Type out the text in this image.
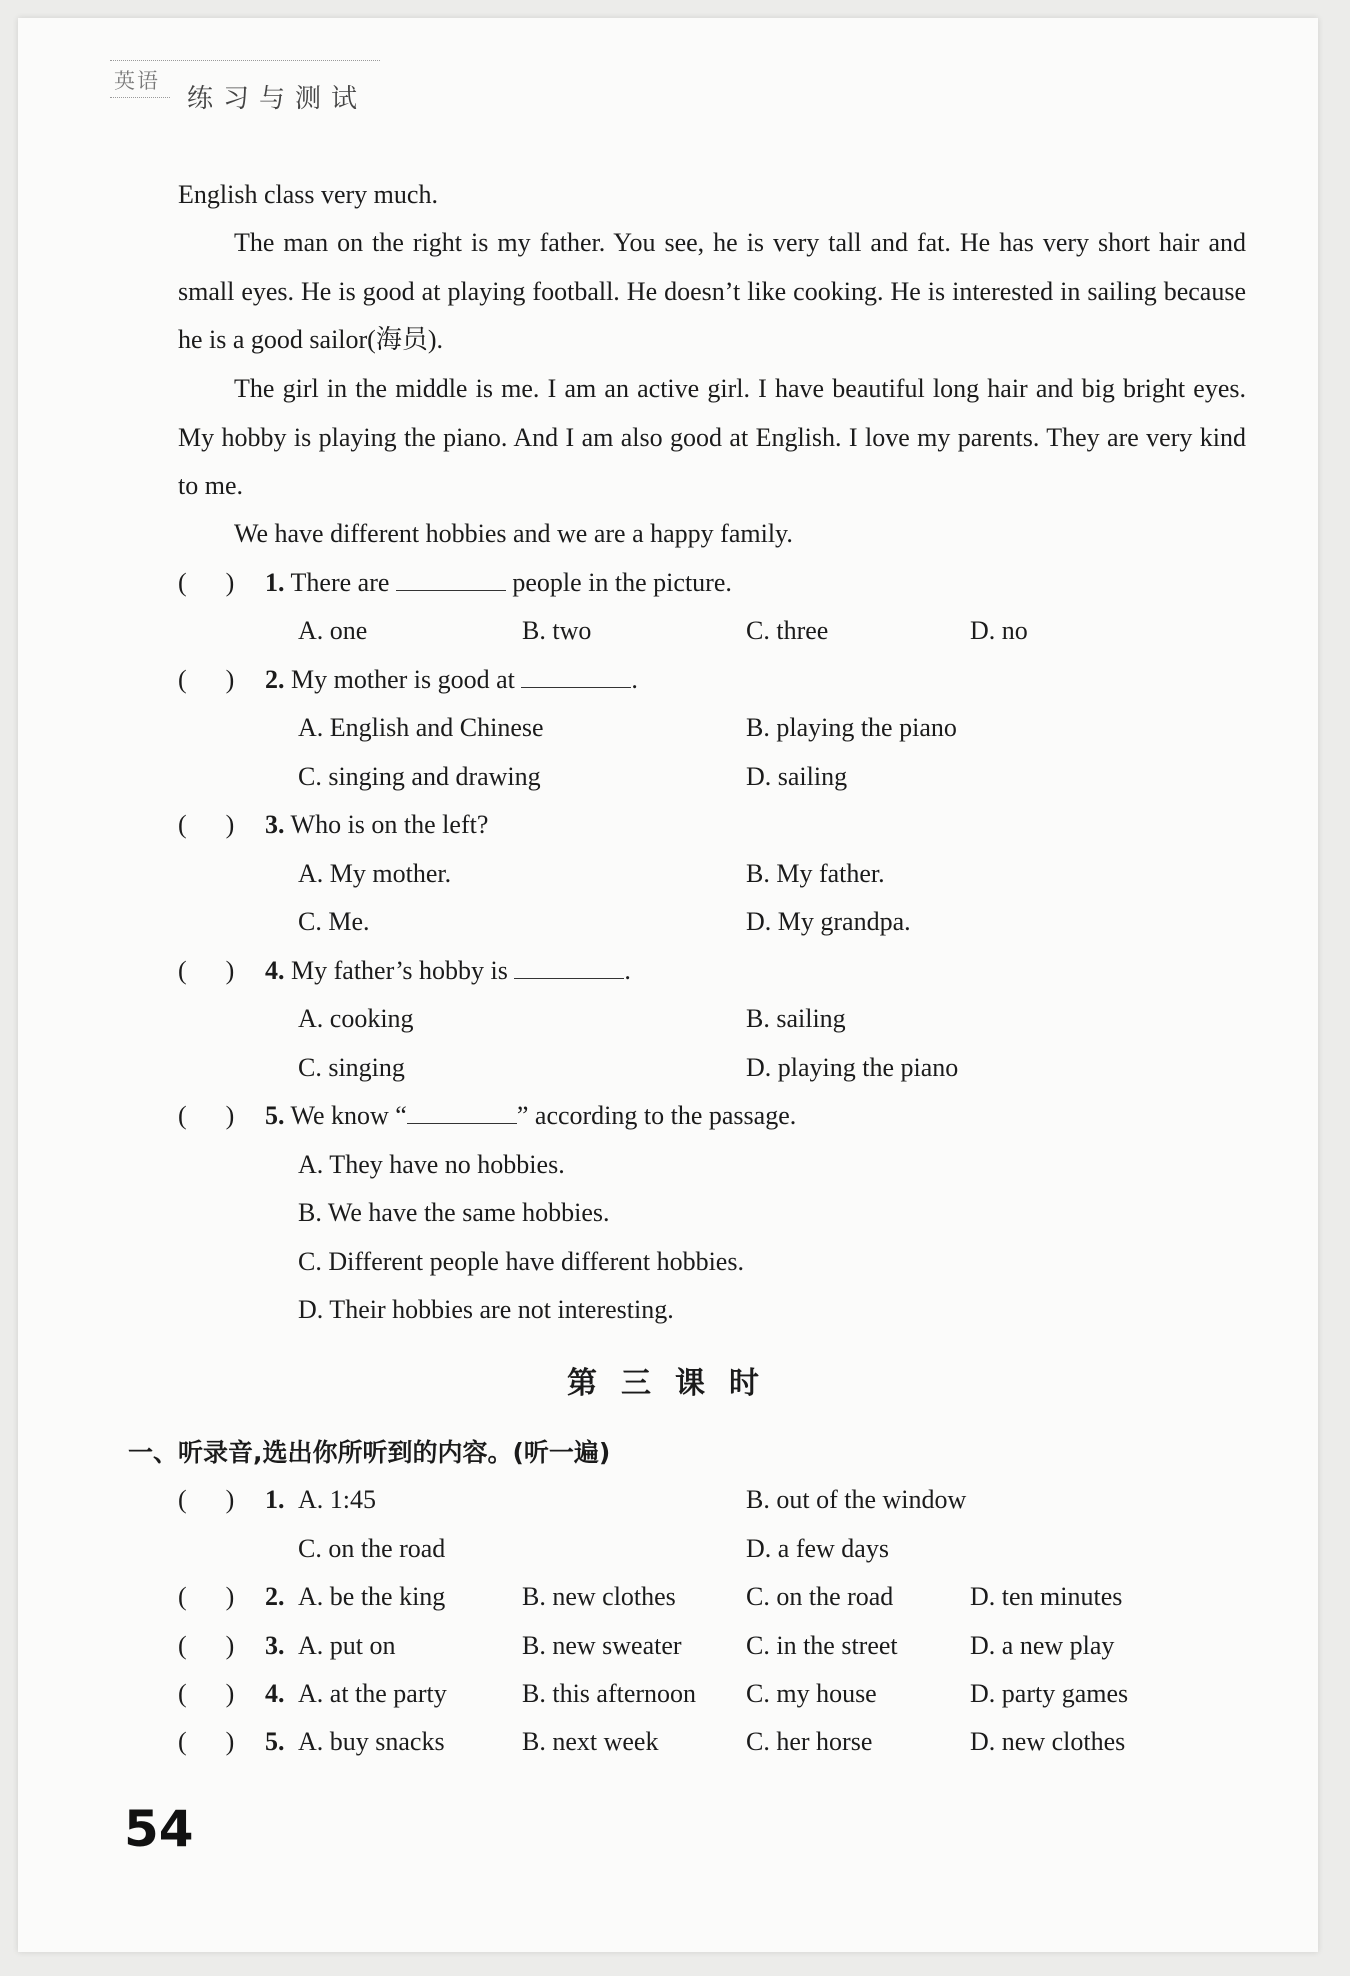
英语
练习与测试
English class very much.
The man on the right is my father. You see, he is very tall and fat. He has very short hair and small eyes. He is good at playing football. He doesn’t like cooking. He is interested in sailing because he is a good sailor(海员).
The girl in the middle is me. I am an active girl. I have beautiful long hair and big bright eyes. My hobby is playing the piano. And I am also good at English. I love my parents. They are very kind to me.
We have different hobbies and we are a happy family.
(      ) 1. There are	people in the picture.
A. one	B. two	C. three	D. no
(      ) 2. My mother is good at	.
A. English and Chinese	B. playing the piano
C. singing and drawing	D. sailing
(      ) 3. Who is on the left?
A. My mother.	B. My father.
C. Me.	D. My grandpa.
(      ) 4. My father’s hobby is	.
A. cooking	B. sailing
C. singing	D. playing the piano
(      ) 5. We know “	” according to the passage.
A. They have no hobbies.
B. We have the same hobbies.
C. Different people have different hobbies.
D. Their hobbies are not interesting.
第三课时
一、听录音,选出你所听到的内容。(听一遍)
(      ) 1. A. 1:45	B. out of the window
C. on the road	D. a few days
(      ) 2. A. be the king	B. new clothes	C. on the road	D. ten minutes
(      ) 3. A. put on	B. new sweater C. in the street	D. a new play
(      ) 4. A. at the party	B. this afternoon C. my house	D. party games
(      ) 5. A. buy snacks	B. next week	C. her horse	D. new clothes
54
